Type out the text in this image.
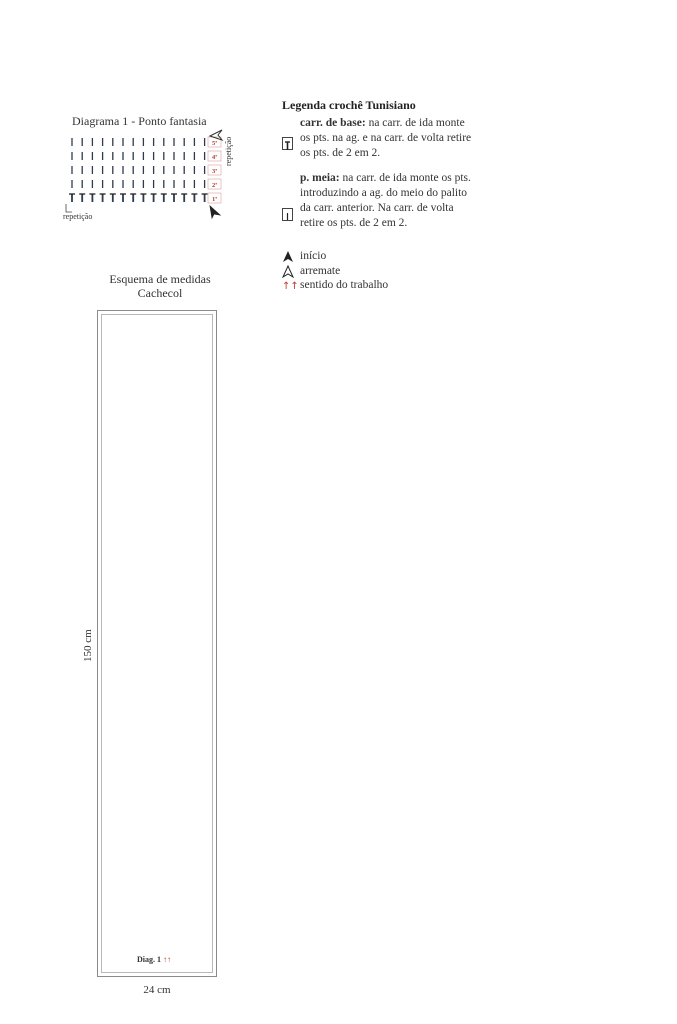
Diagrama 1 - Ponto fantasia
5ª
4ª
3ª
2ª
1ª
repetição
repetição
Esquema de medidas
Cachecol
150 cm
24 cm
Diag. 1 ↑↑
Legenda crochê Tunisiano
carr. de base: na carr. de ida monte os pts. na ag. e na carr. de volta retire os pts. de 2 em 2.
p. meia: na carr. de ida monte os pts. introduzindo a ag. do meio do palito da carr. anterior. Na carr. de volta retire os pts. de 2 em 2.
início
arremate
↑↑ sentido do trabalho
